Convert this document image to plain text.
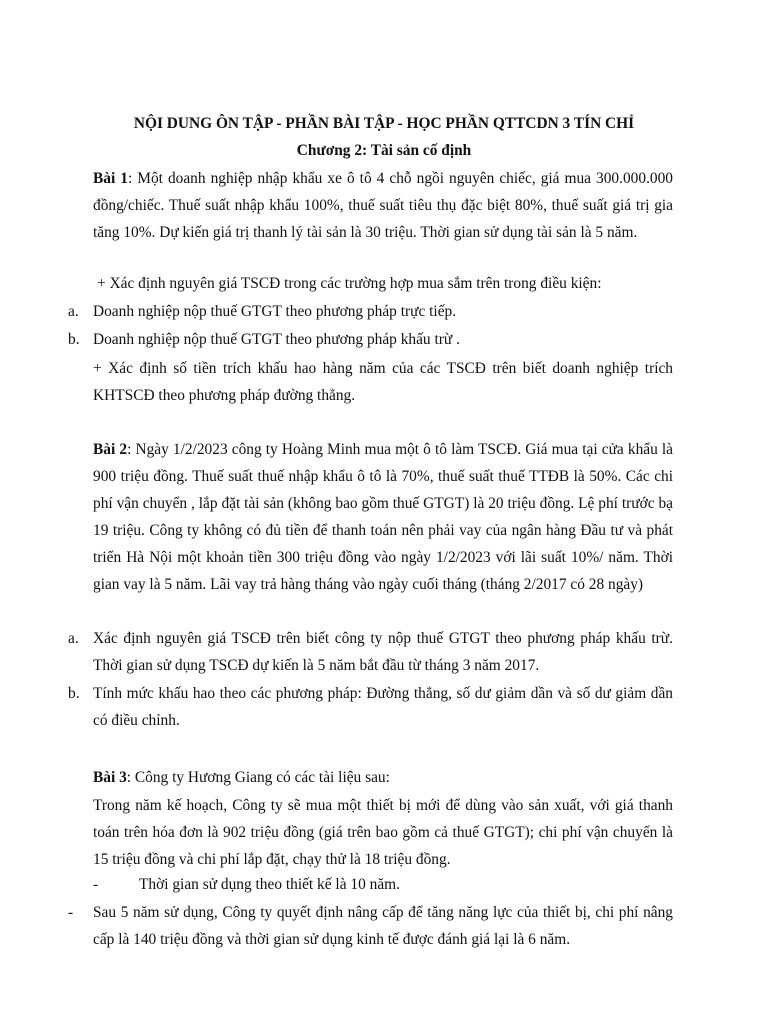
NỘI DUNG ÔN TẬP - PHẦN BÀI TẬP - HỌC PHẦN QTTCDN 3 TÍN CHỈ
Chương 2: Tài sản cố định
Bài 1: Một doanh nghiệp nhập khẩu xe ô tô 4 chỗ ngồi nguyên chiếc, giá mua 300.000.000 đồng/chiếc. Thuế suất nhập khẩu 100%, thuế suất tiêu thụ đặc biệt 80%, thuế suất giá trị gia tăng 10%. Dự kiến giá trị thanh lý tài sản là 30 triệu. Thời gian sử dụng tài sản là 5 năm.
+ Xác định nguyên giá TSCĐ trong các trường hợp mua sắm trên trong điều kiện:
a. Doanh nghiệp nộp thuế GTGT theo phương pháp trực tiếp.
b. Doanh nghiệp nộp thuế GTGT theo phương pháp khấu trừ .
+ Xác định số tiền trích khấu hao hàng năm của các TSCĐ trên biết doanh nghiệp trích KHTSCĐ theo phương pháp đường thẳng.
Bài 2: Ngày 1/2/2023 công ty Hoàng Minh mua một ô tô làm TSCĐ. Giá mua tại cửa khẩu là 900 triệu đồng. Thuế suất thuế nhập khẩu ô tô là 70%, thuế suất thuế TTĐB là 50%. Các chi phí vận chuyển , lắp đặt tài sản (không bao gồm thuế GTGT) là 20 triệu đồng. Lệ phí trước bạ 19 triệu. Công ty không có đủ tiền để thanh toán nên phải vay của ngân hàng Đầu tư và phát triển Hà Nội một khoản tiền 300 triệu đồng vào ngày 1/2/2023 với lãi suất 10%/ năm. Thời gian vay là 5 năm. Lãi vay trả hàng tháng vào ngày cuối tháng (tháng 2/2017 có 28 ngày)
a. Xác định nguyên giá TSCĐ trên biết công ty nộp thuế GTGT theo phương pháp khấu trừ. Thời gian sử dụng TSCĐ dự kiến là 5 năm bắt đầu từ tháng 3 năm 2017.
b. Tính mức khấu hao theo các phương pháp: Đường thẳng, số dư giảm dần và số dư giảm dần có điều chỉnh.
Bài 3: Công ty Hương Giang có các tài liệu sau:
Trong năm kế hoạch, Công ty sẽ mua một thiết bị mới để dùng vào sản xuất, với giá thanh toán trên hóa đơn là 902 triệu đồng (giá trên bao gồm cả thuế GTGT); chi phí vận chuyển là 15 triệu đồng và chi phí lắp đặt, chạy thử là 18 triệu đồng.
-	Thời gian sử dụng theo thiết kế là 10 năm.
- Sau 5 năm sử dụng, Công ty quyết định nâng cấp để tăng năng lực của thiết bị, chi phí nâng cấp là 140 triệu đồng và thời gian sử dụng kinh tế được đánh giá lại là 6 năm.
